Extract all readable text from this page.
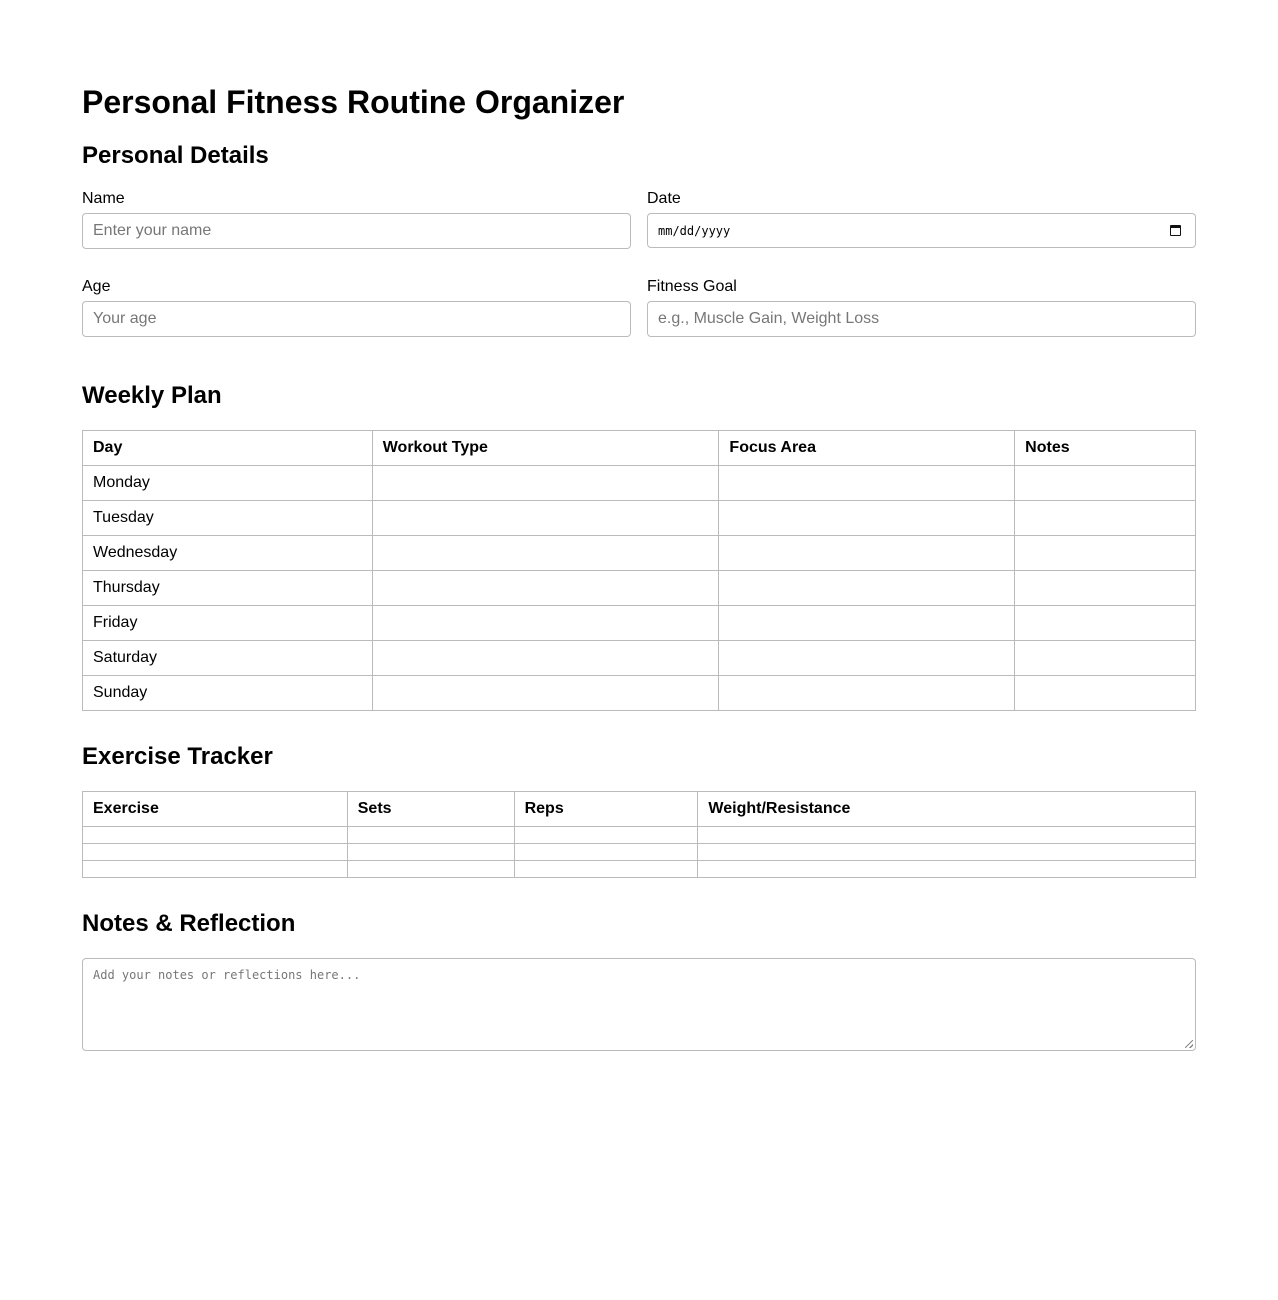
Personal Fitness Routine Organizer
Personal Details
Name
Enter your name
Date
mm/dd/yyyy
Age
Your age
Fitness Goal
e.g., Muscle Gain, Weight Loss
Weekly Plan
Day	Workout Type	Focus Area	Notes
Monday			
Tuesday			
Wednesday			
Thursday			
Friday			
Saturday			
Sunday			
Exercise Tracker
Exercise	Sets	Reps	Weight/Resistance

Notes & Reflection
Add your notes or reflections here...
